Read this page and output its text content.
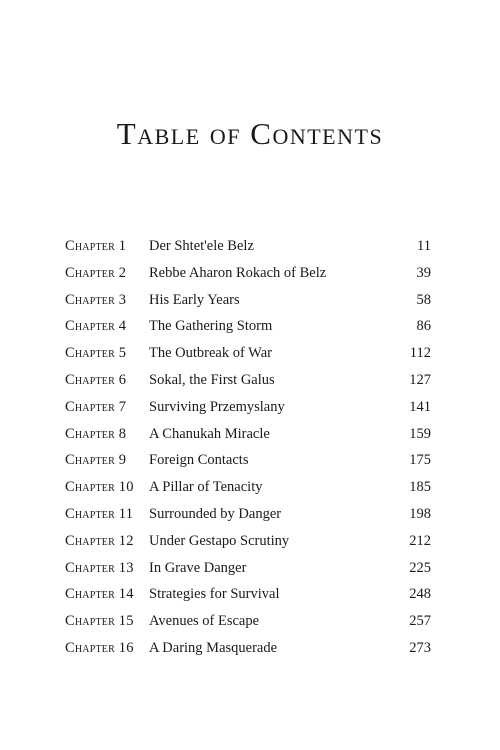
Table of Contents
Chapter 1 Der Shtet'ele Belz	11
Chapter 2 Rebbe Aharon Rokach of Belz	39
Chapter 3 His Early Years	58
Chapter 4 The Gathering Storm	86
Chapter 5 The Outbreak of War	112
Chapter 6 Sokal, the First Galus	127
Chapter 7 Surviving Przemyslany	141
Chapter 8 A Chanukah Miracle	159
Chapter 9 Foreign Contacts	175
Chapter 10 A Pillar of Tenacity	185
Chapter 11 Surrounded by Danger	198
Chapter 12 Under Gestapo Scrutiny	212
Chapter 13 In Grave Danger	225
Chapter 14 Strategies for Survival	248
Chapter 15 Avenues of Escape	257
Chapter 16 A Daring Masquerade	273
